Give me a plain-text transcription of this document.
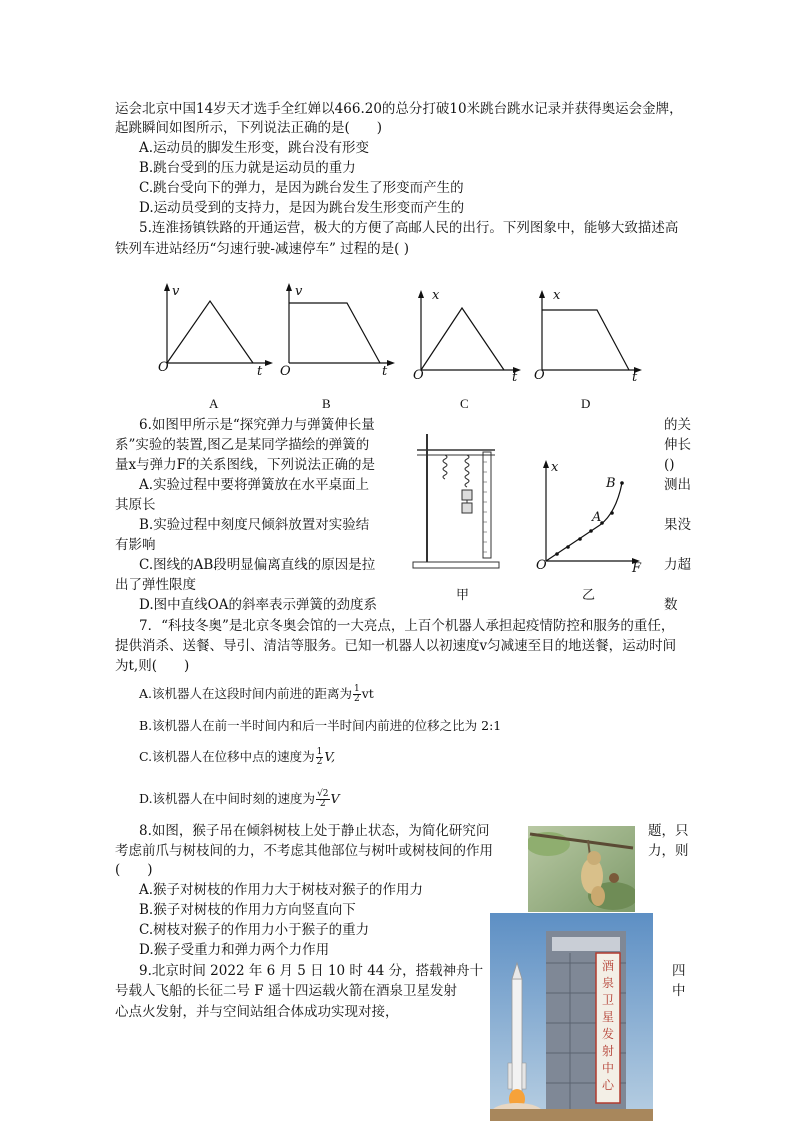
运会北京中国14岁天才选手全红婵以466.20的总分打破10米跳台跳水记录并获得奥运会金牌，
起跳瞬间如图所示，下列说法正确的是(　　)
A.运动员的脚发生形变，跳台没有形变
B.跳台受到的压力就是运动员的重力
C.跳台受向下的弹力，是因为跳台发生了形变而产生的
D.运动员受到的支持力，是因为跳台发生形变而产生的
5.连淮扬镇铁路的开通运营，极大的方便了高邮人民的出行。下列图象中，能够大致描述高
铁列车进站经历“匀速行驶-减速停车” 过程的是( )
v
O	t
A
v
O	t
B
x
O	t
C
x
O	t
D
6.如图甲所示是“探究弹力与弹簧伸长量
系”实验的装置,图乙是某同学描绘的弹簧的
量x与弹力F的关系图线，下列说法正确的是
A.实验过程中要将弹簧放在水平桌面上
其原长
B.实验过程中刻度尺倾斜放置对实验结
有影响
C.图线的AB段明显偏离直线的原因是拉
出了弹性限度
D.图中直线OA的斜率表示弹簧的劲度系
的关
伸长
()
测出
果没
力超
数
甲
x
O	F
A
B
乙
7．“科技冬奥”是北京冬奥会馆的一大亮点，上百个机器人承担起疫情防控和服务的重任，
提供消杀、送餐、导引、清洁等服务。已知一机器人以初速度v匀减速至目的地送餐，运动时间
为t,则(　　)
A.该机器人在这段时间内前进的距离为 $\frac{1}{2}$ vt
B.该机器人在前一半时间内和后一半时间内前进的位移之比为 2:1
C.该机器人在位移中点的速度为 $\frac{1}{2} V$,
D.该机器人在中间时刻的速度为 $\frac{√2}{2}$ V
8.如图，猴子吊在倾斜树枝上处于静止状态，为简化研究问	题，只
考虑前爪与树枝间的力，不考虑其他部位与树叶或树枝间的作用	力，则
(　　)
A.猴子对树枝的作用力大于树枝对猴子的作用力
B.猴子对树枝的作用力方向竖直向下
C.树枝对猴子的作用力小于猴子的重力
D.猴子受重力和弹力两个力作用
9.北京时间 2022 年 6 月 5 日 10 时 44 分，搭载神舟十	四
号载人飞船的长征二号 F 遥十四运载火箭在酒泉卫星发射	中
心点火发射，并与空间站组合体成功实现对接，
酒泉卫星发射中心
